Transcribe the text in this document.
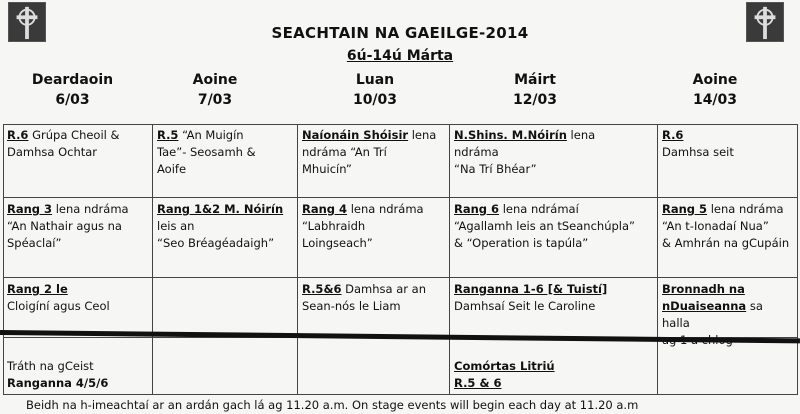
SEACHTAIN NA GAEILGE-2014
6ú-14ú Márta
Deardaoin
6/03
Aoine
7/03
Luan
10/03
Máirt
12/03
Aoine
14/03
R.6 Grúpa Cheoil &
Damhsa Ochtar
R.5 “An Muigín
Tae”- Seosamh &
Aoife
Naíonáin Shóisir lena
ndráma “An Trí
Mhuicín”
N.Shins. M.Nóirín lena
ndráma
“Na Trí Bhéar”
R.6
Damhsa seit
Rang 3 lena ndráma
“An Nathair agus na
Spéaclaí”
Rang 1&2 M. Nóirín
leis an
“Seo Bréagéadaigh”
Rang 4 lena ndráma
“Labhraidh
Loingseach”
Rang 6 lena ndrámaí
“Agallamh leis an tSeanchúpla”
& “Operation is tapúla”
Rang 5 lena ndráma
“An t-Ionadaí Nua”
& Amhrán na gCupáin
Rang 2 le
Cloigíní agus Ceol
R.5&6 Damhsa ar an
Sean-nós le Liam
Ranganna 1-6 [& Tuistí]
Damhsaí Seit le Caroline
Bronnadh na
nDuaiseanna sa halla

Tráth na gCeist
Ranganna 4/5/6
Comórtas Litriú
R.5 & 6
Beidh na h-imeachtaí ar an ardán gach lá ag 11.20 a.m. On stage events will begin each day at 11.20 a.m
